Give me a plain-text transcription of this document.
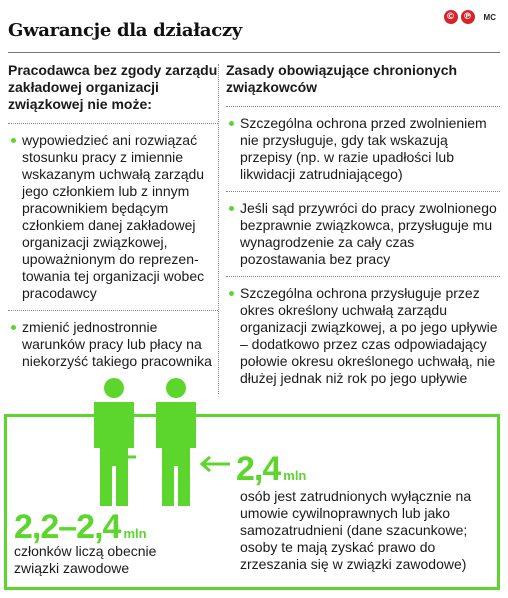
Gwarancje dla działaczy
© ℗	MC
Pracodawca bez zgody zarządu zakładowej organizacji związkowej nie może:
wypowiedzieć ani rozwiązać stosunku pracy z imiennie wskazanym uchwałą zarządu jego członkiem lub z innym pracownikiem będącym członkiem danej zakładowej organizacji związkowej, upoważnionym do reprezen-towania tej organizacji wobec pracodawcy
zmienić jednostronnie warunków pracy lub płacy na niekorzyść takiego pracownika
Zasady obowiązujące chronionych związkowców
Szczególna ochrona przed zwolnieniem nie przysługuje, gdy tak wskazują przepisy (np. w razie upadłości lub likwidacji zatrudniającego)
Jeśli sąd przywróci do pracy zwolnionego bezprawnie związkowca, przysługuje mu wynagrodzenie za cały czas pozostawania bez pracy
Szczególna ochrona przysługuje przez okres określony uchwałą zarządu organizacji związkowej, a po jego upływie – dodatkowo przez czas odpowiadający połowie okresu określonego uchwałą, nie dłużej jednak niż rok po jego upływie
2,4 mln
osób jest zatrudnionych wyłącznie na umowie cywilnoprawnych lub jako samozatrudnieni (dane szacunkowe; osoby te mają zyskać prawo do zrzeszania się w związki zawodowe)
2,2–2,4 mln
członków liczą obecnie związki zawodowe
